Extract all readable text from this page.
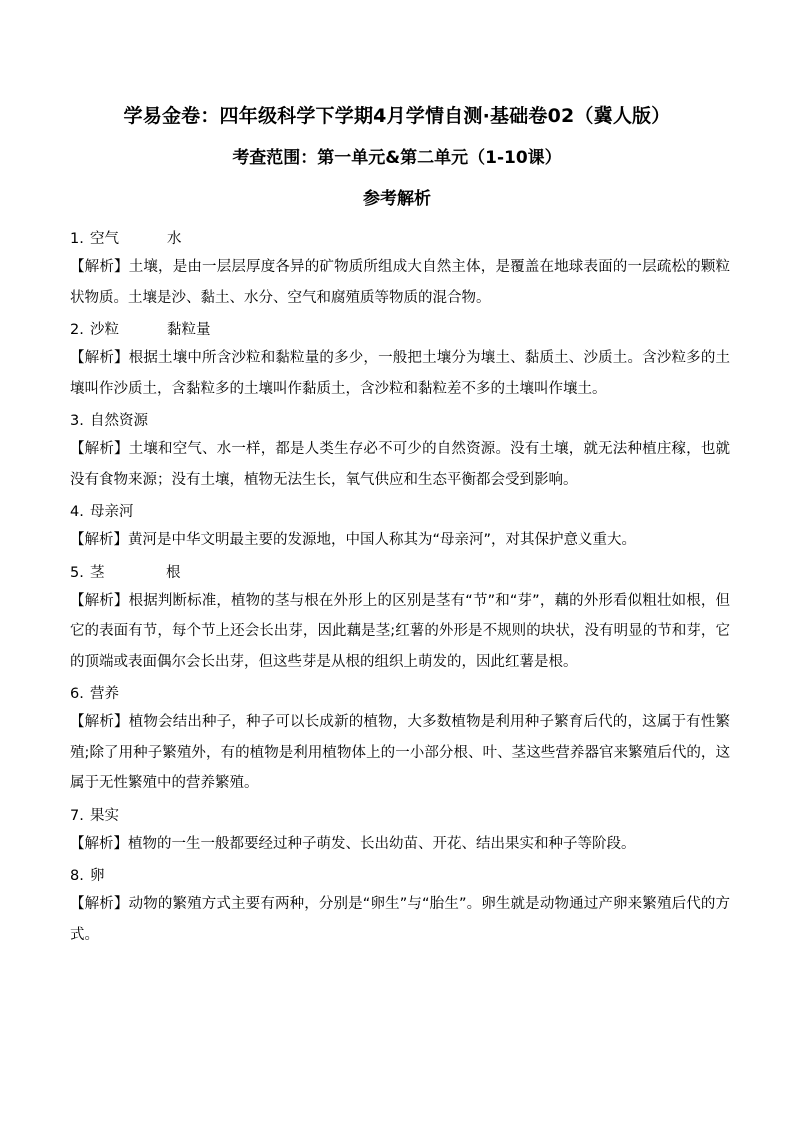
学易金卷：四年级科学下学期4月学情自测·基础卷02（冀人版）
考查范围：第一单元&第二单元（1-10课）
参考解析

1. 空气	水

【解析】土壤，是由一层层厚度各异的矿物质所组成大自然主体，是覆盖在地球表面的一层疏松的颗粒状物质。土壤是沙、黏土、水分、空气和腐殖质等物质的混合物。

2. 沙粒	黏粒量

【解析】根据土壤中所含沙粒和黏粒量的多少，一般把土壤分为壤土、黏质土、沙质土。含沙粒多的土壤叫作沙质土，含黏粒多的土壤叫作黏质土，含沙粒和黏粒差不多的土壤叫作壤土。

3. 自然资源

【解析】土壤和空气、水一样，都是人类生存必不可少的自然资源。没有土壤，就无法种植庄稼，也就没有食物来源；没有土壤，植物无法生长，氧气供应和生态平衡都会受到影响。

4. 母亲河

【解析】黄河是中华文明最主要的发源地，中国人称其为“母亲河”，对其保护意义重大。

5. 茎	根

【解析】根据判断标准，植物的茎与根在外形上的区别是茎有“节”和“芽”，藕的外形看似粗壮如根，但它的表面有节，每个节上还会长出芽，因此藕是茎;红薯的外形是不规则的块状，没有明显的节和芽，它的顶端或表面偶尔会长出芽，但这些芽是从根的组织上萌发的，因此红薯是根。

6. 营养

【解析】植物会结出种子，种子可以长成新的植物，大多数植物是利用种子繁育后代的，这属于有性繁殖;除了用种子繁殖外，有的植物是利用植物体上的一小部分根、叶、茎这些营养器官来繁殖后代的，这属于无性繁殖中的营养繁殖。

7. 果实

【解析】植物的一生一般都要经过种子萌发、长出幼苗、开花、结出果实和种子等阶段。

8. 卵

【解析】动物的繁殖方式主要有两种，分别是“卵生”与“胎生”。卵生就是动物通过产卵来繁殖后代的方式。
